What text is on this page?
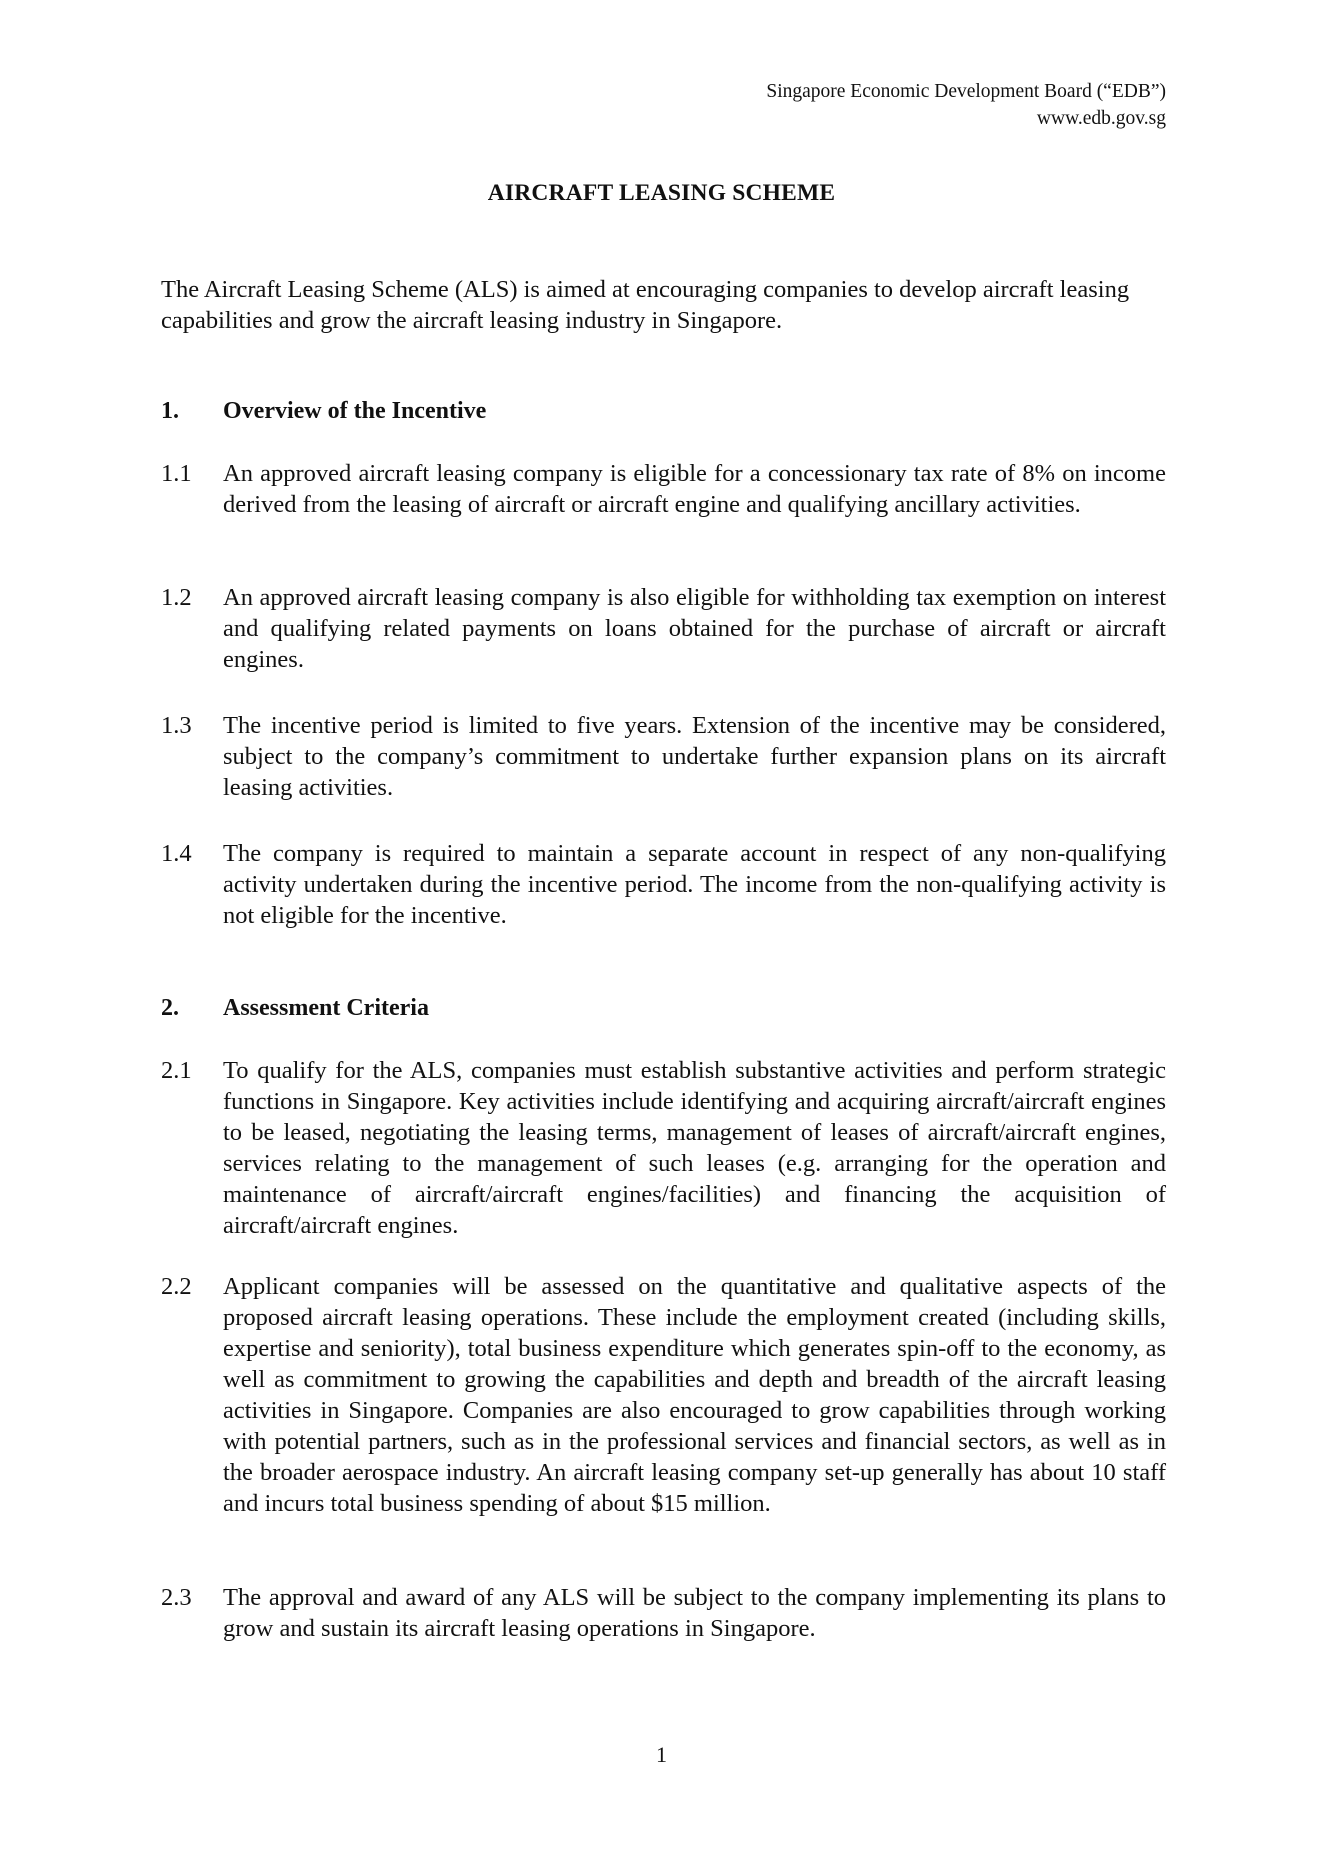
Singapore Economic Development Board (“EDB”)
www.edb.gov.sg
AIRCRAFT LEASING SCHEME
The Aircraft Leasing Scheme (ALS) is aimed at encouraging companies to develop aircraft leasing capabilities and grow the aircraft leasing industry in Singapore.
1. Overview of the Incentive
1.1	An approved aircraft leasing company is eligible for a concessionary tax rate of 8% on income derived from the leasing of aircraft or aircraft engine and qualifying ancillary activities.
1.2	An approved aircraft leasing company is also eligible for withholding tax exemption on interest and qualifying related payments on loans obtained for the purchase of aircraft or aircraft engines.
1.3	The incentive period is limited to five years. Extension of the incentive may be considered, subject to the company’s commitment to undertake further expansion plans on its aircraft leasing activities.
1.4	The company is required to maintain a separate account in respect of any non-qualifying activity undertaken during the incentive period. The income from the non-qualifying activity is not eligible for the incentive.
2. Assessment Criteria
2.1	To qualify for the ALS, companies must establish substantive activities and perform strategic functions in Singapore. Key activities include identifying and acquiring aircraft/aircraft engines to be leased, negotiating the leasing terms, management of leases of aircraft/aircraft engines, services relating to the management of such leases (e.g. arranging for the operation and maintenance of aircraft/aircraft engines/facilities) and financing the acquisition of aircraft/aircraft engines.
2.2	Applicant companies will be assessed on the quantitative and qualitative aspects of the proposed aircraft leasing operations. These include the employment created (including skills, expertise and seniority), total business expenditure which generates spin-off to the economy, as well as commitment to growing the capabilities and depth and breadth of the aircraft leasing activities in Singapore. Companies are also encouraged to grow capabilities through working with potential partners, such as in the professional services and financial sectors, as well as in the broader aerospace industry. An aircraft leasing company set-up generally has about 10 staff and incurs total business spending of about $15 million.
2.3	The approval and award of any ALS will be subject to the company implementing its plans to grow and sustain its aircraft leasing operations in Singapore.
1
